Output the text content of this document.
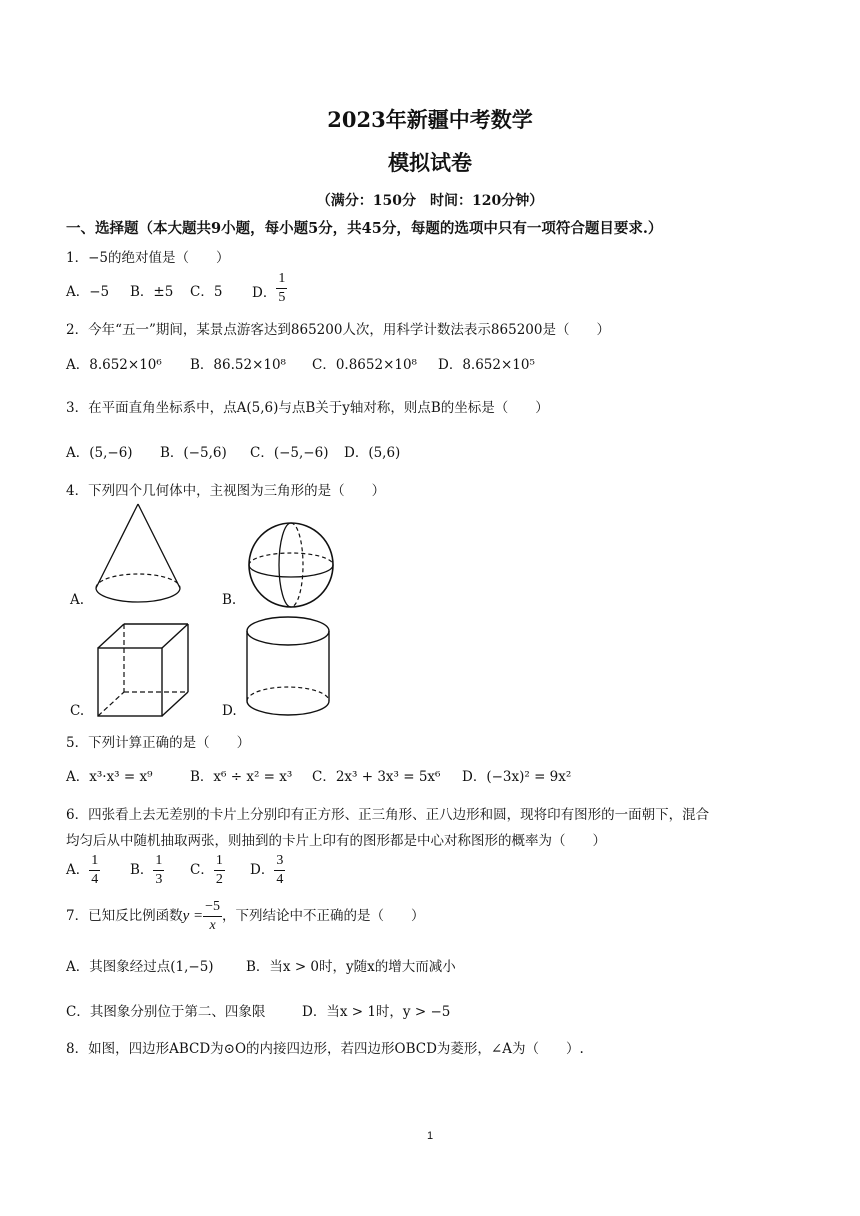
2023年新疆中考数学
模拟试卷
（满分：150分　时间：120分钟）
一、选择题（本大题共9小题，每小题5分，共45分，每题的选项中只有一项符合题目要求.）
1．−5的绝对值是（　　）
A．−5 B．±5 C．5 D． $\frac{1}{5}$
2．今年“五一”期间，某景点游客达到865200人次，用科学计数法表示865200是（　　）
A．8.652×10⁶ B．86.52×10⁸ C．0.8652×10⁸ D．8.652×10⁵
3．在平面直角坐标系中，点A(5,6)与点B关于y轴对称，则点B的坐标是（　　）
A．(5,−6) B．(−5,6) C．(−5,−6) D．(5,6)
4．下列四个几何体中，主视图为三角形的是（　　）
A.	B.
C.	D.
5．下列计算正确的是（　　）
A．x³·x³ = x⁹	B．x⁶ ÷ x² = x³ C．2x³ + 3x³ = 5x⁶ D．(−3x)² = 9x²
6．四张看上去无差别的卡片上分别印有正方形、正三角形、正八边形和圆，现将印有图形的一面朝下，混合
均匀后从中随机抽取两张，则抽到的卡片上印有的图形都是中心对称图形的概率为（　　）
A． $\frac{1}{4}$ B． $\frac{1}{3}$ C． $\frac{1}{2}$ D． $\frac{3}{4}$
7．已知反比例函数$y = \frac{-5}{x}$ ，下列结论中不正确的是（　　）
A．其图象经过点(1,−5) B．当x > 0时，y随x的增大而减小
C．其图象分别位于第二、四象限	D．当x > 1时，y > −5
8．如图，四边形ABCD为⊙O的内接四边形，若四边形OBCD为菱形，∠A为（　　）.
1
